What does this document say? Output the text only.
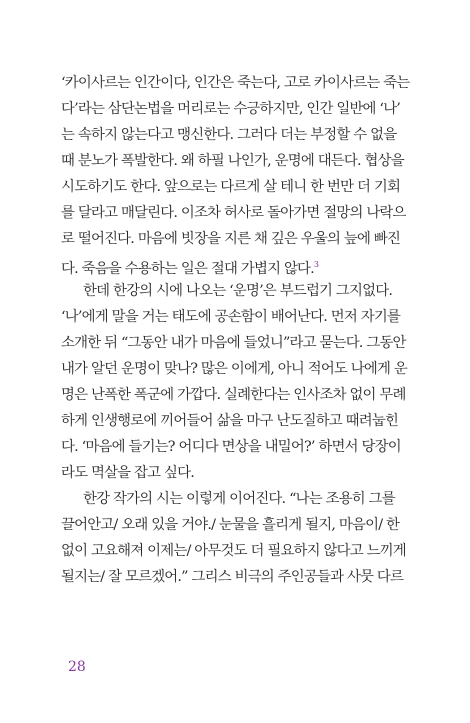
‘카이사르는 인간이다, 인간은 죽는다, 고로 카이사르는 죽는
다’라는 삼단논법을 머리로는 수긍하지만, 인간 일반에 ‘나’
는 속하지 않는다고 맹신한다. 그러다 더는 부정할 수 없을
때 분노가 폭발한다. 왜 하필 나인가, 운명에 대든다. 협상을
시도하기도 한다. 앞으로는 다르게 살 테니 한 번만 더 기회
를 달라고 매달린다. 이조차 허사로 돌아가면 절망의 나락으
로 떨어진다. 마음에 빗장을 지른 채 깊은 우울의 늪에 빠진
다. 죽음을 수용하는 일은 절대 가볍지 않다.$^3$
한데 한강의 시에 나오는 ‘운명’은 부드럽기 그지없다.
‘나’에게 말을 거는 태도에 공손함이 배어난다. 먼저 자기를
소개한 뒤 “그동안 내가 마음에 들었니”라고 묻는다. 그동안
내가 알던 운명이 맞나? 많은 이에게, 아니 적어도 나에게 운
명은 난폭한 폭군에 가깝다. 실례한다는 인사조차 없이 무례
하게 인생행로에 끼어들어 삶을 마구 난도질하고 때려눕힌
다. ‘마음에 들기는? 어디다 면상을 내밀어?’ 하면서 당장이
라도 멱살을 잡고 싶다.
한강 작가의 시는 이렇게 이어진다. “나는 조용히 그를
끌어안고/ 오래 있을 거야./ 눈물을 흘리게 될지, 마음이/ 한
없이 고요해져 이제는/ 아무것도 더 필요하지 않다고 느끼게
될지는/ 잘 모르겠어.” 그리스 비극의 주인공들과 사뭇 다르
28
